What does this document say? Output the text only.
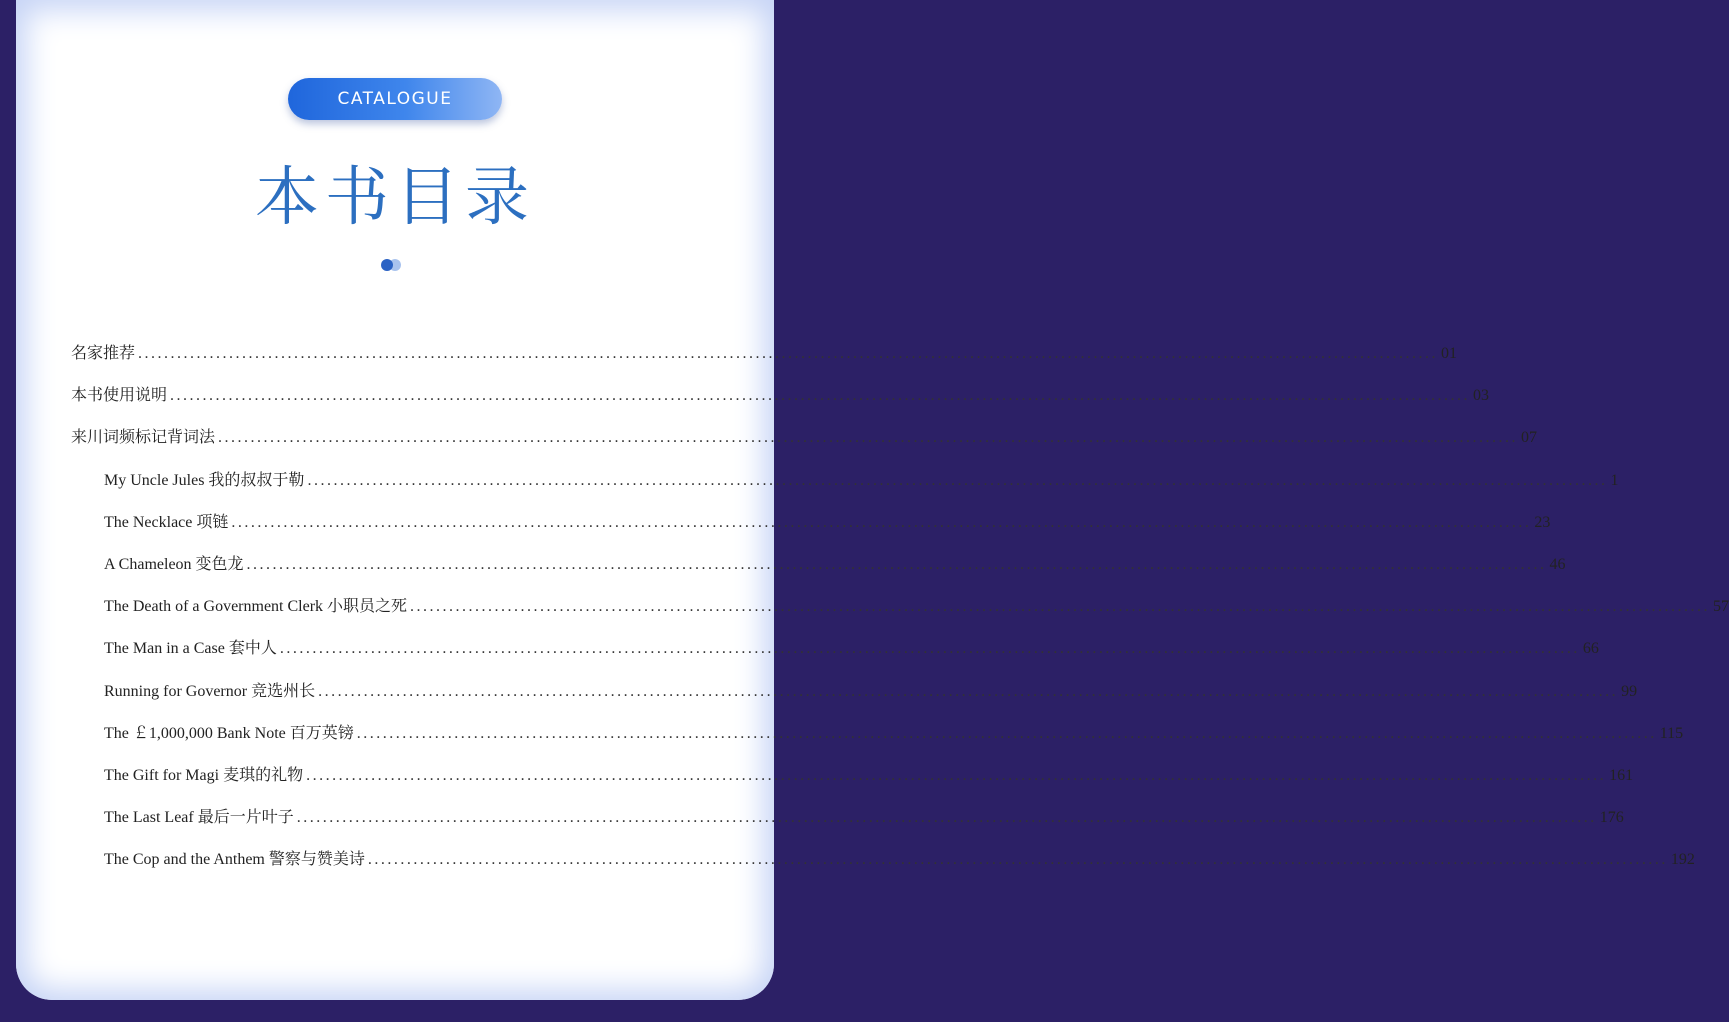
CATALOGUE
本书目录
名家推荐 ........................................................................................................................................................................................................ 01
本书使用说明 ........................................................................................................................................................................................................ 03
来川词频标记背词法 ........................................................................................................................................................................................................ 07
My Uncle Jules 我的叔叔于勒 ........................................................................................................................................................................................................ 1
The Necklace 项链 ........................................................................................................................................................................................................ 23
A Chameleon 变色龙 ........................................................................................................................................................................................................ 46
The Death of a Government Clerk 小职员之死 ........................................................................................................................................................................................................ 57
The Man in a Case 套中人 ........................................................................................................................................................................................................ 66
Running for Governor 竞选州长 ........................................................................................................................................................................................................ 99
The ￡1,000,000 Bank Note 百万英镑 ........................................................................................................................................................................................................ 115
The Gift for Magi 麦琪的礼物 ........................................................................................................................................................................................................ 161
The Last Leaf 最后一片叶子 ........................................................................................................................................................................................................ 176
The Cop and the Anthem 警察与赞美诗 ........................................................................................................................................................................................................ 192
